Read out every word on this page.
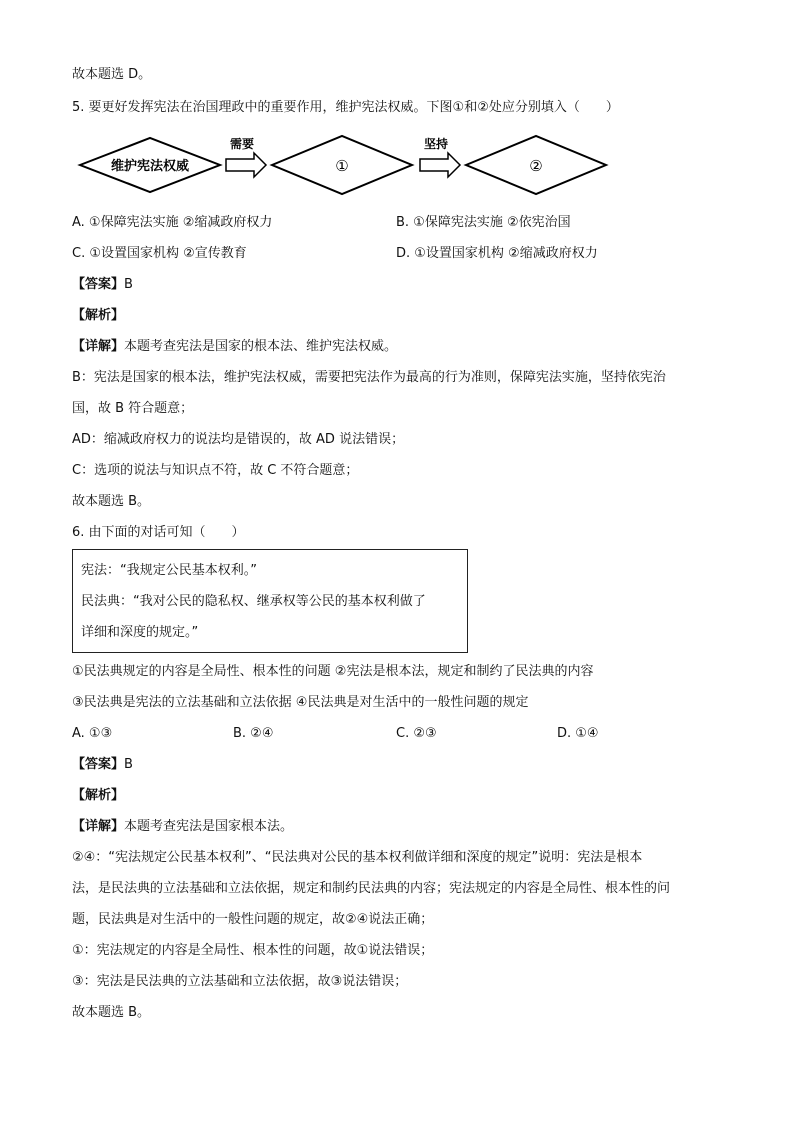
故本题选 D。
5. 要更好发挥宪法在治国理政中的重要作用，维护宪法权威。下图①和②处应分别填入（　　）
维护宪法权威
需要
①
坚持
②
A. ①保障宪法实施 ②缩减政府权力	B. ①保障宪法实施 ②依宪治国
C. ①设置国家机构 ②宣传教育	D. ①设置国家机构 ②缩减政府权力
【答案】B
【解析】
【详解】本题考查宪法是国家的根本法、维护宪法权威。
B：宪法是国家的根本法，维护宪法权威，需要把宪法作为最高的行为准则，保障宪法实施，坚持依宪治
国，故 B 符合题意；
AD：缩减政府权力的说法均是错误的，故 AD 说法错误；
C：选项的说法与知识点不符，故 C 不符合题意；
故本题选 B。
6. 由下面的对话可知（　　）
宪法：“我规定公民基本权利。”
民法典：“我对公民的隐私权、继承权等公民的基本权利做了
详细和深度的规定。”
①民法典规定的内容是全局性、根本性的问题 ②宪法是根本法，规定和制约了民法典的内容
③民法典是宪法的立法基础和立法依据 ④民法典是对生活中的一般性问题的规定
A. ①③	B. ②④	C. ②③	D. ①④
【答案】B
【解析】
【详解】本题考查宪法是国家根本法。
②④：“宪法规定公民基本权利”、“民法典对公民的基本权利做详细和深度的规定”说明：宪法是根本
法，是民法典的立法基础和立法依据，规定和制约民法典的内容；宪法规定的内容是全局性、根本性的问
题，民法典是对生活中的一般性问题的规定，故②④说法正确；
①：宪法规定的内容是全局性、根本性的问题，故①说法错误；
③：宪法是民法典的立法基础和立法依据，故③说法错误；
故本题选 B。
